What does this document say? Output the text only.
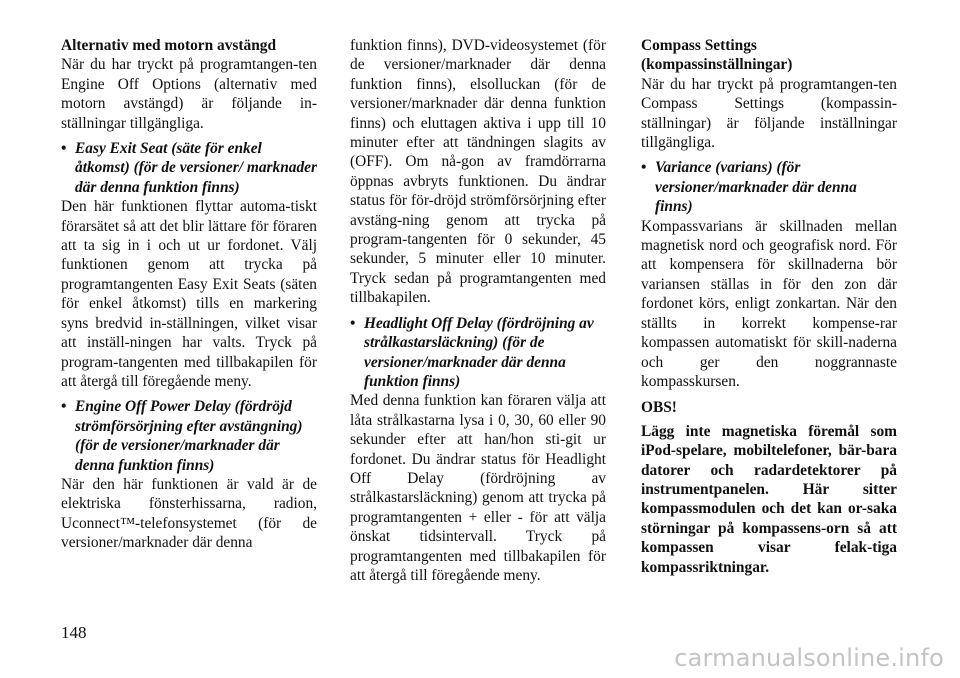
Alternativ med motorn avstängd

När du har tryckt på programtangen-ten Engine Off Options (alternativ med motorn avstängd) är följande in-ställningar tillgängliga.

• Easy Exit Seat (säte för enkel åtkomst) (för de versioner/ marknader där denna funktion finns)

Den här funktionen flyttar automa-tiskt förarsätet så att det blir lättare för föraren att ta sig in i och ut ur fordonet. Välj funktionen genom att trycka på programtangenten Easy Exit Seats (säten för enkel åtkomst) tills en markering syns bredvid in-ställningen, vilket visar att inställ-ningen har valts. Tryck på program-tangenten med tillbakapilen för att återgå till föregående meny.

• Engine Off Power Delay (fördröjd strömförsörjning efter avstängning) (för de versioner/marknader där denna funktion finns)

När den här funktionen är vald är de elektriska fönsterhissarna, radion, Uconnect™-telefonsystemet (för de versioner/marknader där denna

funktion finns), DVD-videosystemet (för de versioner/marknader där denna funktion finns), elsolluckan (för de versioner/marknader där denna funktion finns) och eluttagen aktiva i upp till 10 minuter efter att tändningen slagits av (OFF). Om nå-gon av framdörrarna öppnas avbryts funktionen. Du ändrar status för för-dröjd strömförsörjning efter avstäng-ning genom att trycka på program-tangenten för 0 sekunder, 45 sekunder, 5 minuter eller 10 minuter. Tryck sedan på programtangenten med tillbakapilen.

• Headlight Off Delay (fördröjning av strålkastarsläckning) (för de versioner/marknader där denna funktion finns)

Med denna funktion kan föraren välja att låta strålkastarna lysa i 0, 30, 60 eller 90 sekunder efter att han/hon sti-git ur fordonet. Du ändrar status för Headlight Off Delay (fördröjning av strålkastarsläckning) genom att trycka på programtangenten + eller - för att välja önskat tidsintervall. Tryck på programtangenten med tillbakapilen för att återgå till föregående meny.

Compass Settings (kompassinställningar)

När du har tryckt på programtangen-ten Compass Settings (kompassin-ställningar) är följande inställningar tillgängliga.

• Variance (varians) (för versioner/marknader där denna finns)

Kompassvarians är skillnaden mellan magnetisk nord och geografisk nord. För att kompensera för skillnaderna bör variansen ställas in för den zon där fordonet körs, enligt zonkartan. När den ställts in korrekt kompense-rar kompassen automatiskt för skill-naderna och ger den noggrannaste kompasskursen.

OBS!

Lägg inte magnetiska föremål som iPod-spelare, mobiltelefoner, bär-bara datorer och radardetektorer på instrumentpanelen. Här sitter kompassmodulen och det kan or-saka störningar på kompassens-orn så att kompassen visar felak-tiga kompassriktningar.

148
carmanualsonline.info
